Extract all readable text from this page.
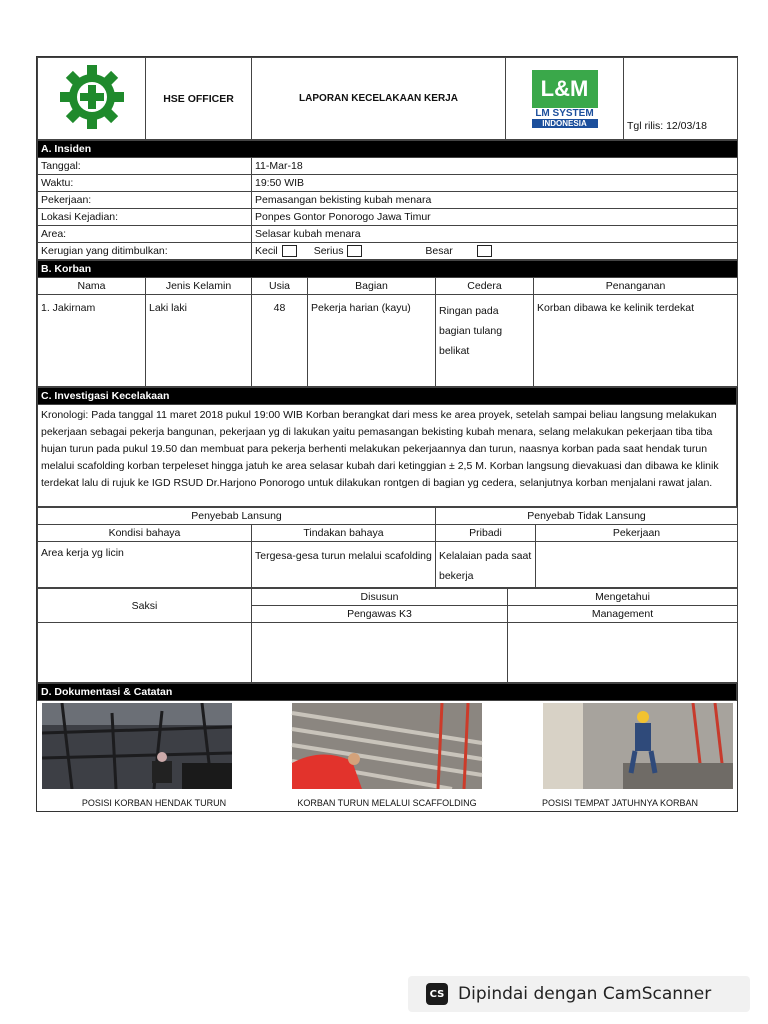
	HSE OFFICER	LAPORAN KECELAKAAN KERJA	L&M
LM SYSTEM
INDONESIA	Tgl rilis: 12/03/18
A. Insiden	
Tanggal:	11-Mar-18
Waktu:	19:50 WIB
Pekerjaan:	Pemasangan bekisting kubah menara
Lokasi Kejadian:	Ponpes Gontor Ponorogo Jawa Timur
Area:	Selasar kubah menara
Kerugian yang ditimbulkan:	Kecil Serius Besar
B. Korban					
Nama	Jenis Kelamin	Usia	Bagian	Cedera	Penanganan
1. Jakirnam	Laki laki	48	Pekerja harian (kayu)	Ringan pada bagian tulang belikat	Korban dibawa ke kelinik terdekat
C. Investigasi Kecelakaan
Kronologi: Pada tanggal 11 maret 2018 pukul 19:00 WIB Korban berangkat dari mess ke area proyek, setelah sampai beliau langsung melakukan pekerjaan sebagai pekerja bangunan, pekerjaan yg di lakukan yaitu pemasangan bekisting kubah menara, selang melakukan pekerjaan tiba tiba hujan turun pada pukul 19.50 dan membuat para pekerja berhenti melakukan pekerjaannya dan turun, naasnya korban pada saat hendak turun melalui scafolding korban terpeleset hingga jatuh ke area selasar kubah dari ketinggian ± 2,5 M. Korban langsung dievakuasi dan dibawa ke klinik terdekat lalu di rujuk ke IGD RSUD Dr.Harjono Ponorogo untuk dilakukan rontgen di bagian yg cedera, selanjutnya korban menjalani rawat jalan.
Penyebab Lansung		Penyebab Tidak Lansung	
Kondisi bahaya	Tindakan bahaya	Pribadi	Pekerjaan
Area kerja yg licin	Tergesa-gesa turun melalui scafolding	Kelalaian pada saat bekerja	
Saksi	Disusun	Mengetahui
	Pengawas K3	Management

D. Dokumentasi & Catatan		

POSISI KORBAN HENDAK TURUN	KORBAN TURUN MELALUI SCAFFOLDING	POSISI TEMPAT JATUHNYA KORBAN
CS Dipindai dengan CamScanner
